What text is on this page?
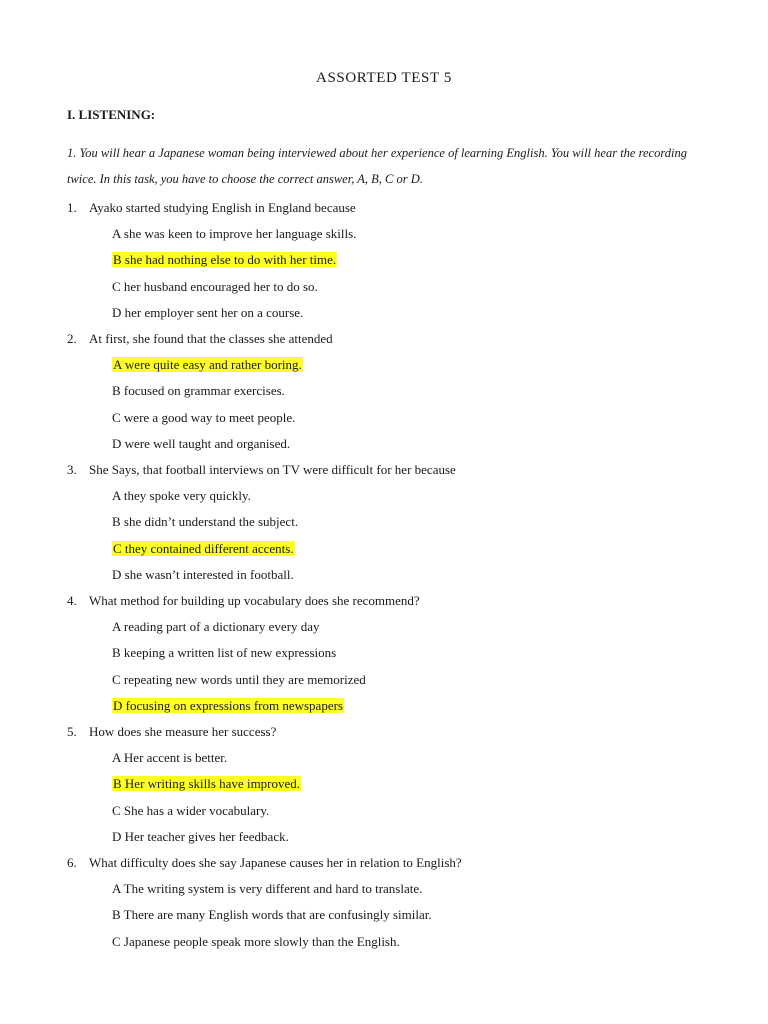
ASSORTED TEST 5
I. LISTENING:
1. You will hear a Japanese woman being interviewed about her experience of learning English. You will hear the recording twice. In this task, you have to choose the correct answer, A, B, C or D.
1. Ayako started studying English in England because
A she was keen to improve her language skills.
B she had nothing else to do with her time.
C her husband encouraged her to do so.
D her employer sent her on a course.
2. At first, she found that the classes she attended
A were quite easy and rather boring.
B focused on grammar exercises.
C were a good way to meet people.
D were well taught and organised.
3. She Says, that football interviews on TV were difficult for her because
A they spoke very quickly.
B she didn’t understand the subject.
C they contained different accents.
D she wasn’t interested in football.
4. What method for building up vocabulary does she recommend?
A reading part of a dictionary every day
B keeping a written list of new expressions
C repeating new words until they are memorized
D focusing on expressions from newspapers
5. How does she measure her success?
A Her accent is better.
B Her writing skills have improved.
C She has a wider vocabulary.
D Her teacher gives her feedback.
6. What difficulty does she say Japanese causes her in relation to English?
A The writing system is very different and hard to translate.
B There are many English words that are confusingly similar.
C Japanese people speak more slowly than the English.
